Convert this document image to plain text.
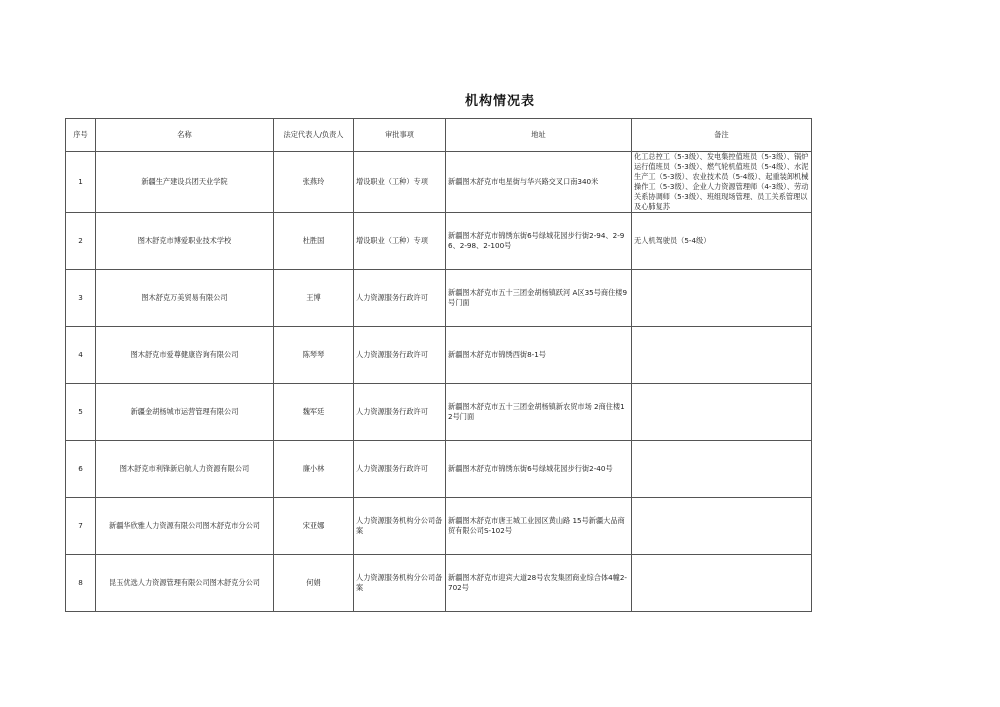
机构情况表
序号	名称	法定代表人/负责人	审批事项	地址	备注
1	新疆生产建设兵团天业学院	张燕玲	增设职业（工种）专项	新疆图木舒克市电星街与华兴路交叉口南340米	化工总控工（5-3级）、发电集控值班员（5-3级）、锅炉运行值班员（5-3级）、燃气轮机值班员（5-4级）、水泥生产工（5-3级）、农业技术员（5-4级）、起重装卸机械操作工（5-3级）、企业人力资源管理师（4-3级）、劳动关系协调师（5-3级）、班组现场管理、员工关系管理以及心肺复苏
2	图木舒克市博爱职业技术学校	杜胜国	增设职业（工种）专项	新疆图木舒克市锦绣东街6号绿城花园步行街2-94、2-96、2-98、2-100号	无人机驾驶员（5-4级）
3	图木舒克万美贸易有限公司	王博	人力资源服务行政许可	新疆图木舒克市五十三团金胡杨镇跃河 A区35号商住楼9号门面	
4	图木舒克市爱尊健康咨询有限公司	陈琴琴	人力资源服务行政许可	新疆图木舒克市锦绣西街8-1号	
5	新疆金胡杨城市运营管理有限公司	魏军廷	人力资源服务行政许可	新疆图木舒克市五十三团金胡杨镇新农贸市场 2商住楼12号门面	
6	图木舒克市利锋新启航人力资源有限公司	廉小林	人力资源服务行政许可	新疆图木舒克市锦绣东街6号绿城花园步行街2-40号	
7	新疆华欣雅人力资源有限公司图木舒克市分公司	宋亚娜	人力资源服务机构分公司备案	新疆图木舒克市唐王城工业园区黄山路 15号新疆大品商贸有限公司S-102号	
8	昆玉优选人力资源管理有限公司图木舒克分公司	何娟	人力资源服务机构分公司备案	新疆图木舒克市迎宾大道28号农发集团商业综合体4幢2-702号	
